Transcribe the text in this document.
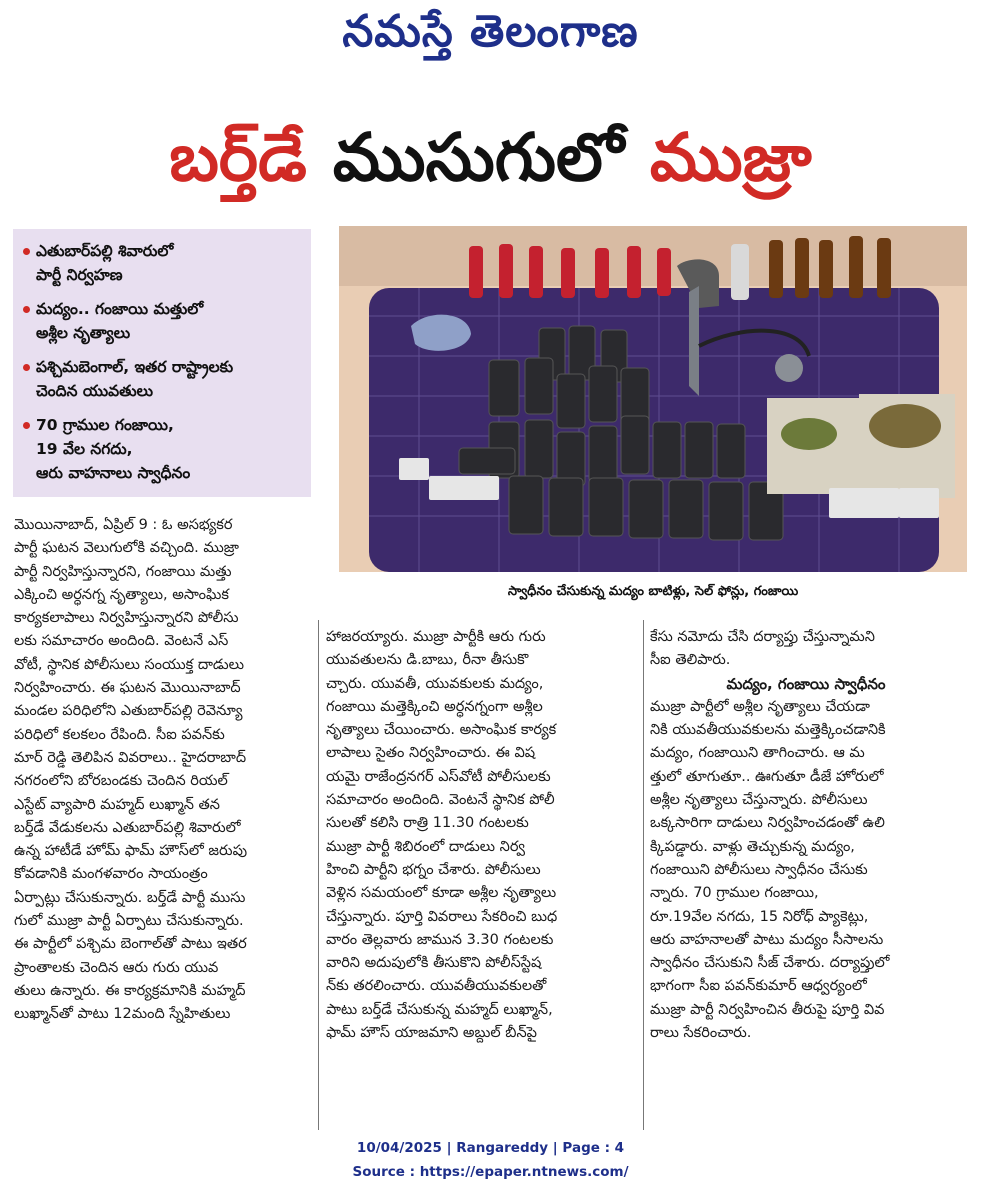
నమస్తే తెలంగాణ
బర్త్‌డే ముసుగులో ముజ్రా
ఎతుబార్‌పల్లి శివారులో
పార్టీ నిర్వహణ
మద్యం.. గంజాయి మత్తులో
అశ్లీల నృత్యాలు
పశ్చిమబెంగాల్, ఇతర రాష్ట్రాలకు
చెందిన యువతులు
70 గ్రాముల గంజాయి,
19 వేల నగదు,
ఆరు వాహనాలు స్వాధీనం
స్వాధీనం చేసుకున్న మద్యం బాటిళ్లు, సెల్ ఫోన్లు, గంజాయి

మొయినాబాద్, ఏప్రిల్ 9 : ఓ అసభ్యకర

పార్టీ ఘటన వెలుగులోకి వచ్చింది. ముజ్రా

పార్టీ నిర్వహిస్తున్నారని, గంజాయి మత్తు

ఎక్కించి అర్ధనగ్న నృత్యాలు, అసాంఘిక

కార్యకలాపాలు నిర్వహిస్తున్నారని పోలీసు

లకు సమాచారం అందింది. వెంటనే ఎస్

వోటీ, స్థానిక పోలీసులు సంయుక్త దాడులు

నిర్వహించారు. ఈ ఘటన మొయినాబాద్

మండల పరిధిలోని ఎతుబార్‌పల్లి రెవెన్యూ

పరిధిలో కలకలం రేపింది. సీఐ పవన్‌కు

మార్ రెడ్డి తెలిపిన వివరాలు.. హైదరాబాద్

నగరంలోని బోరబండకు చెందిన రియల్

ఎస్టేట్ వ్యాపారి మహ్మద్ లుఖ్మాన్ తన

బర్త్‌డే వేడుకలను ఎతుబార్‌పల్లి శివారులో

ఉన్న హాటీడే హోమ్ ఫామ్ హౌస్‌లో జరుపు

కోవడానికి మంగళవారం సాయంత్రం

ఏర్పాట్లు చేసుకున్నారు. బర్త్‌డే పార్టీ ముసు

గులో ముజ్రా పార్టీ ఏర్పాటు చేసుకున్నారు.

ఈ పార్టీలో పశ్చిమ బెంగాల్‌తో పాటు ఇతర

ప్రాంతాలకు చెందిన ఆరు గురు యువ

తులు ఉన్నారు. ఈ కార్యక్రమానికి మహ్మద్

లుఖ్మాన్‌తో పాటు 12మంది స్నేహితులు

హాజరయ్యారు. ముజ్రా పార్టీకి ఆరు గురు

యువతులను డి.బాబు, రీనా తీసుకొ

చ్చారు. యువతీ, యువకులకు మద్యం,

గంజాయి మత్తెక్కించి అర్ధనగ్నంగా అశ్లీల

నృత్యాలు చేయించారు. అసాంఘిక కార్యక

లాపాలు సైతం నిర్వహించారు. ఈ విష

యమై రాజేంద్రనగర్ ఎస్‌వోటీ పోలీసులకు

సమాచారం అందింది. వెంటనే స్థానిక పోలీ

సులతో కలిసి రాత్రి 11.30 గంటలకు

ముజ్రా పార్టీ శిబిరంలో దాడులు నిర్వ

హించి పార్టీని భగ్నం చేశారు. పోలీసులు

వెళ్లిన సమయంలో కూడా అశ్లీల నృత్యాలు

చేస్తున్నారు. పూర్తి వివరాలు సేకరించి బుధ

వారం తెల్లవారు జామున 3.30 గంటలకు

వారిని అదుపులోకి తీసుకొని పోలీస్‌స్టేష

న్‌కు తరలించారు. యువతీయువకులతో

పాటు బర్త్‌డే చేసుకున్న మహ్మద్ లుఖ్మాన్,

ఫామ్ హౌస్ యాజమాని అబ్దుల్ బీన్‌పై

కేసు నమోదు చేసి దర్యాప్తు చేస్తున్నామని

సీఐ తెలిపారు.

మద్యం, గంజాయి స్వాధీనం

ముజ్రా పార్టీలో అశ్లీల నృత్యాలు చేయడా

నికి యువతీయువకులను మత్తెక్కించడానికి

మద్యం, గంజాయిని తాగించారు. ఆ మ

త్తులో తూగుతూ.. ఊగుతూ డీజే హోరులో

అశ్లీల నృత్యాలు చేస్తున్నారు. పోలీసులు

ఒక్కసారిగా దాడులు నిర్వహించడంతో ఉలి

క్కిపడ్డారు. వాళ్లు తెచ్చుకున్న మద్యం,

గంజాయిని పోలీసులు స్వాధీనం చేసుకు

న్నారు. 70 గ్రాముల గంజాయి,

రూ.19వేల నగదు, 15 నిరోధ్ ప్యాకెట్లు,

ఆరు వాహనాలతో పాటు మద్యం సీసాలను

స్వాధీనం చేసుకుని సీజ్ చేశారు. దర్యాప్తులో

భాగంగా సీఐ పవన్‌కుమార్ ఆధ్వర్యంలో

ముజ్రా పార్టీ నిర్వహించిన తీరుపై పూర్తి వివ

రాలు సేకరించారు.

10/04/2025 | Rangareddy | Page : 4
Source : https://epaper.ntnews.com/
